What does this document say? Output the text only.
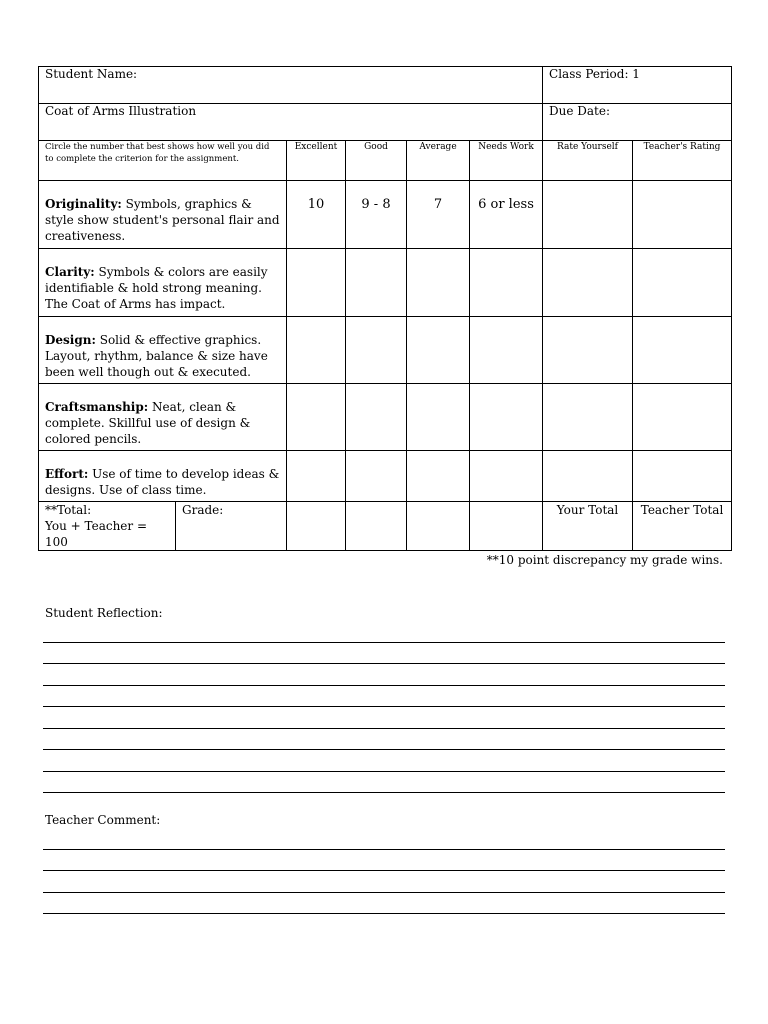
Student Name:						Class Period: 1	
Coat of Arms Illustration						Due Date:	
Circle the number that best shows how well you did to complete the criterion for the assignment.		Excellent	Good	Average	Needs Work	Rate Yourself	Teacher's Rating
Originality: Symbols, graphics & style show student's personal flair and creativeness.		10	9 - 8	7	6 or less		
Clarity: Symbols & colors are easily identifiable & hold strong meaning. The Coat of Arms has impact.							
Design: Solid & effective graphics. Layout, rhythm, balance & size have been well though out & executed.							
Craftsmanship: Neat, clean & complete. Skillful use of design & colored pencils.							
Effort: Use of time to develop ideas & designs. Use of class time.							
**Total:
You + Teacher = 100	Grade:					Your Total	Teacher Total
**10 point discrepancy my grade wins.
Student Reflection:
Teacher Comment:
